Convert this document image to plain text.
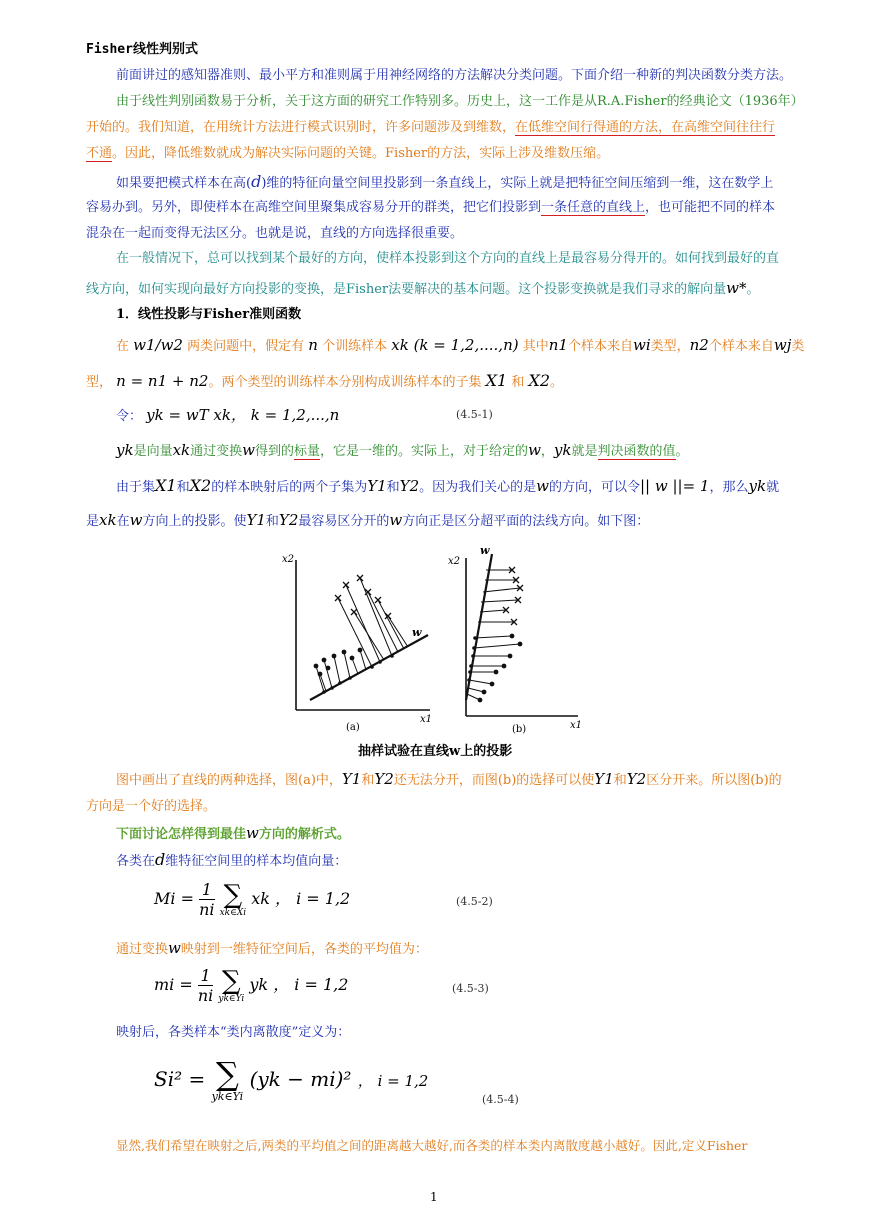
Fisher线性判别式
前面讲过的感知器准则、最小平方和准则属于用神经网络的方法解决分类问题。下面介绍一种新的判决函数分类方法。
由于线性判别函数易于分析，关于这方面的研究工作特别多。历史上，这一工作是从R.A.Fisher的经典论文（1936年）
开始的。我们知道，在用统计方法进行模式识别时，许多问题涉及到维数，在低维空间行得通的方法，在高维空间往往行
不通。因此，降低维数就成为解决实际问题的关键。Fisher的方法，实际上涉及维数压缩。
如果要把模式样本在高(d)维的特征向量空间里投影到一条直线上，实际上就是把特征空间压缩到一维，这在数学上
容易办到。另外，即使样本在高维空间里聚集成容易分开的群类，把它们投影到一条任意的直线上，也可能把不同的样本
混杂在一起而变得无法区分。也就是说，直线的方向选择很重要。
在一般情况下，总可以找到某个最好的方向，使样本投影到这个方向的直线上是最容易分得开的。如何找到最好的直
线方向，如何实现向最好方向投影的变换，是Fisher法要解决的基本问题。这个投影变换就是我们寻求的解向量w*。
1．线性投影与Fisher准则函数
在 w1/w2 两类问题中，假定有 n 个训练样本 xk (k = 1,2,....,n) 其中n1个样本来自wi类型，n2个样本来自wj类
型， n = n1 + n2。两个类型的训练样本分别构成训练样本的子集 X1 和 X2。
令： yk = wT xk， k = 1,2,...,n	(4.5-1)
yk是向量xk通过变换w得到的标量，它是一维的。实际上，对于给定的w，yk就是判决函数的值。
由于集X1和X2的样本映射后的两个子集为Y1和Y2。因为我们关心的是w的方向，可以令|| w ||= 1，那么yk就
是xk在w方向上的投影。使Y1和Y2最容易区分开的w方向正是区分超平面的法线方向。如下图：
x2
x1
w
(a)
x2
x1
w
(b)
抽样试验在直线w上的投影
图中画出了直线的两种选择，图(a)中，Y1和Y2还无法分开，而图(b)的选择可以使Y1和Y2区分开来。所以图(b)的
方向是一个好的选择。
下面讨论怎样得到最佳w方向的解析式。
各类在d维特征空间里的样本均值向量：
$Mi = \frac{1}{ni}$
∑
xk∈Xi
xk ， i = 1,2	(4.5-2)
通过变换w映射到一维特征空间后，各类的平均值为：
mi = $\frac{1}{ni}$
∑
yk∈Yi
yk ， i = 1,2	(4.5-3)
映射后，各类样本“类内离散度”定义为：
Si² = ∑
yk∈Yi
(yk − mi)² ， i = 1,2
(4.5-4)
显然,我们希望在映射之后,两类的平均值之间的距离越大越好,而各类的样本类内离散度越小越好。因此,定义Fisher
1
